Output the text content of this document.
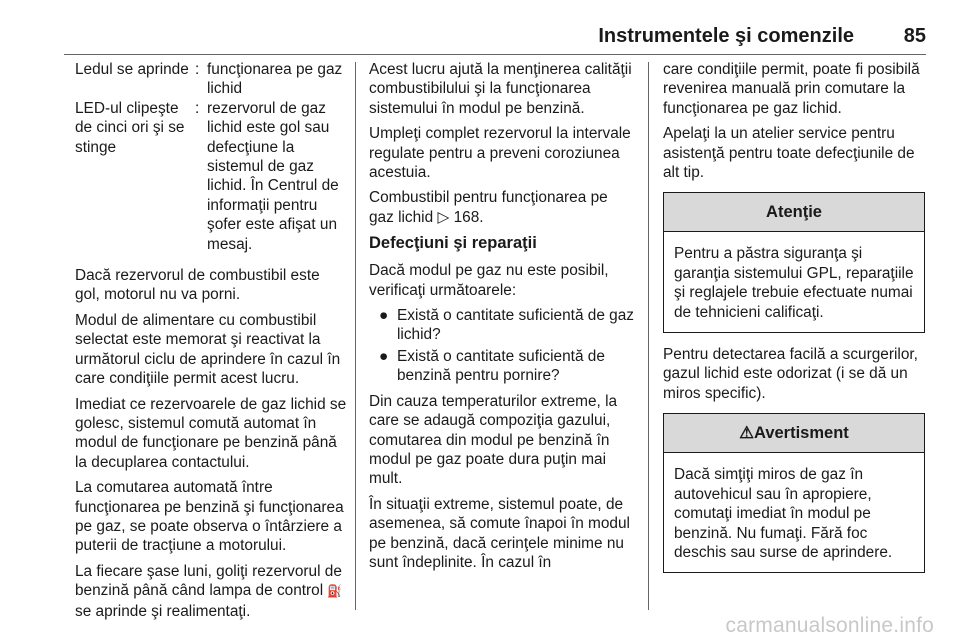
Instrumentele şi comenzile 85
Ledul se aprinde : funcţionarea pe gaz lichid
LED-ul clipeşte de cinci ori şi se stinge
: rezervorul de gaz lichid este gol sau defecţiune la sistemul de gaz lichid. În Centrul de informaţii pentru şofer este afişat un mesaj.

Dacă rezervorul de combustibil este gol, motorul nu va porni.

Modul de alimentare cu combustibil selectat este memorat şi reactivat la următorul ciclu de aprindere în cazul în care condiţiile permit acest lucru.

Imediat ce rezervoarele de gaz lichid se golesc, sistemul comută automat în modul de funcţionare pe benzină până la decuplarea contactului.

La comutarea automată între funcţionarea pe benzină şi funcţionarea pe gaz, se poate observa o întârziere a puterii de tracţiune a motorului.

La fiecare şase luni, goliţi rezervorul de benzină până când lampa de control ⛽ se aprinde şi realimentaţi.

Acest lucru ajută la menţinerea calităţii combustibilului şi la funcţionarea sistemului în modul pe benzină.

Umpleţi complet rezervorul la intervale regulate pentru a preveni coroziunea acestuia.

Combustibil pentru funcţionarea pe gaz lichid ▷ 168.

Defecţiuni şi reparaţii

Dacă modul pe gaz nu este posibil, verificaţi următoarele:

● Există o cantitate suficientă de gaz lichid?
● Există o cantitate suficientă de benzină pentru pornire?

Din cauza temperaturilor extreme, la care se adaugă compoziţia gazului, comutarea din modul pe benzină în modul pe gaz poate dura puţin mai mult.

În situaţii extreme, sistemul poate, de asemenea, să comute înapoi în modul pe benzină, dacă cerinţele minime nu sunt îndeplinite. În cazul în

care condiţiile permit, poate fi posibilă revenirea manuală prin comutare la funcţionarea pe gaz lichid.

Apelaţi la un atelier service pentru asistenţă pentru toate defecţiunile de alt tip.

Atenţie
Pentru a păstra siguranţa şi garanţia sistemului GPL, reparaţiile şi reglajele trebuie efectuate numai de tehnicieni calificaţi.

Pentru detectarea facilă a scurgerilor, gazul lichid este odorizat (i se dă un miros specific).

⚠Avertisment
Dacă simţiţi miros de gaz în autovehicul sau în apropiere, comutaţi imediat în modul pe benzină. Nu fumaţi. Fără foc deschis sau surse de aprindere.
carmanualsonline.info
